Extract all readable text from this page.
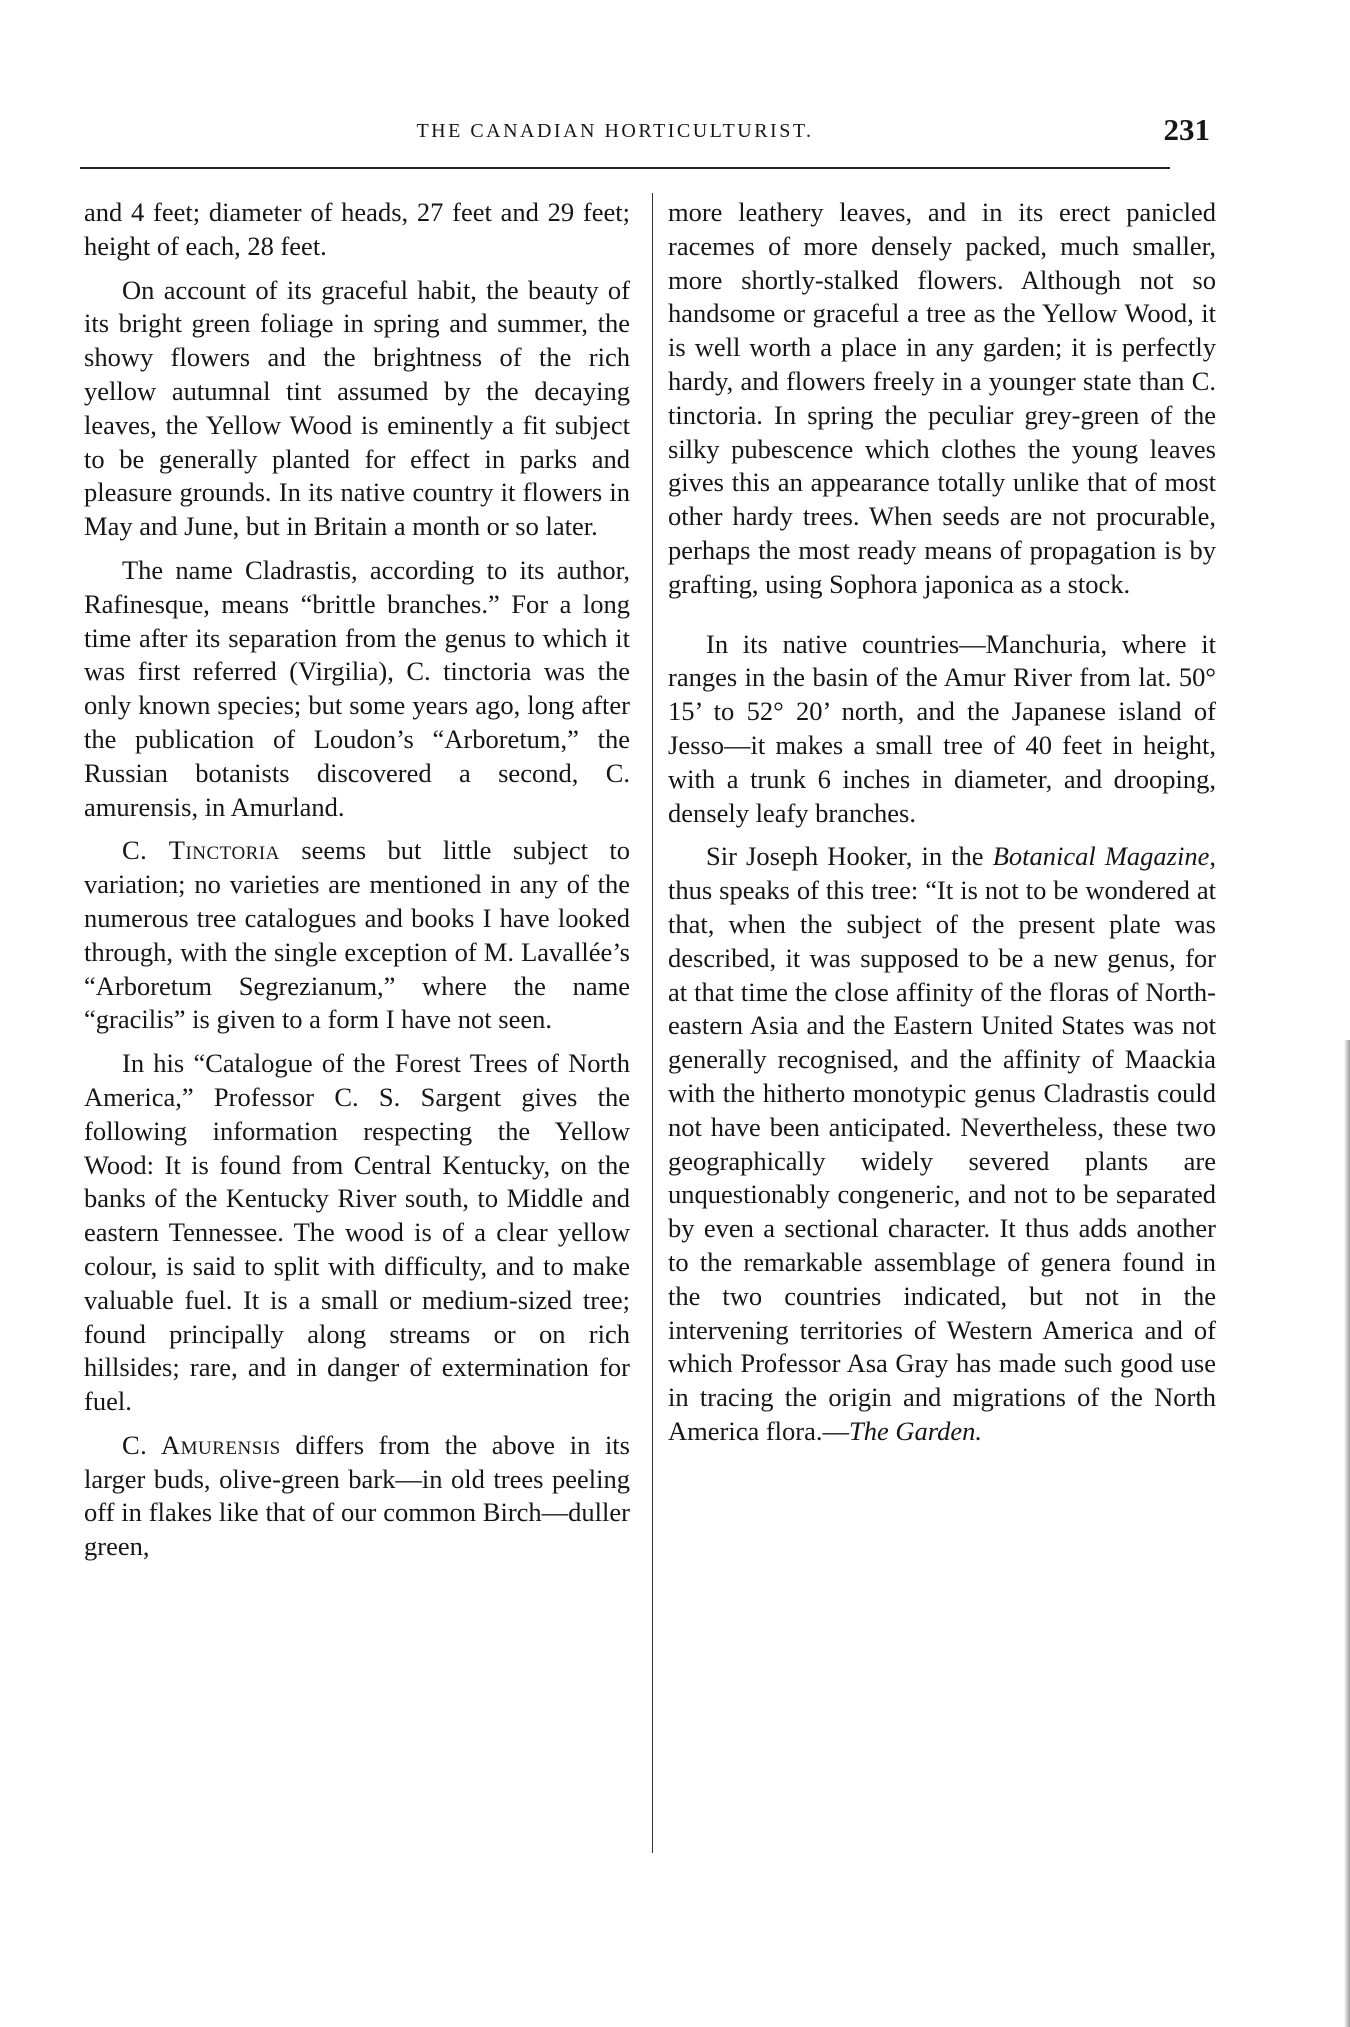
THE CANADIAN HORTICULTURIST.	231

and 4 feet; diameter of heads, 27 feet and 29 feet; height of each, 28 feet.

On account of its graceful habit, the beauty of its bright green foliage in spring and summer, the showy flowers and the brightness of the rich yellow autumnal tint assumed by the decaying leaves, the Yellow Wood is eminently a fit subject to be generally planted for effect in parks and pleasure grounds. In its native country it flowers in May and June, but in Britain a month or so later.

The name Cladrastis, according to its author, Rafinesque, means “brittle branches.” For a long time after its separation from the genus to which it was first referred (Virgilia), C. tinctoria was the only known species; but some years ago, long after the publication of Loudon’s “Arboretum,” the Russian botanists discovered a second, C. amurensis, in Amurland.

C. Tinctoria seems but little subject to variation; no varieties are mentioned in any of the numerous tree catalogues and books I have looked through, with the single exception of M. Lavallée’s “Arboretum Segrezianum,” where the name “gracilis” is given to a form I have not seen.

In his “Catalogue of the Forest Trees of North America,” Professor C. S. Sargent gives the following information respecting the Yellow Wood: It is found from Central Kentucky, on the banks of the Kentucky River south, to Middle and eastern Tennessee. The wood is of a clear yellow colour, is said to split with difficulty, and to make valuable fuel. It is a small or medium-sized tree; found principally along streams or on rich hillsides; rare, and in danger of extermination for fuel.

C. Amurensis differs from the above in its larger buds, olive-green bark—in old trees peeling off in flakes like that of our common Birch—duller green,

more leathery leaves, and in its erect panicled racemes of more densely packed, much smaller, more shortly-stalked flowers. Although not so handsome or graceful a tree as the Yellow Wood, it is well worth a place in any garden; it is perfectly hardy, and flowers freely in a younger state than C. tinctoria. In spring the peculiar grey-green of the silky pubescence which clothes the young leaves gives this an appearance totally unlike that of most other hardy trees. When seeds are not procurable, perhaps the most ready means of propagation is by grafting, using Sophora japonica as a stock.

In its native countries—Manchuria, where it ranges in the basin of the Amur River from lat. 50° 15’ to 52° 20’ north, and the Japanese island of Jesso—it makes a small tree of 40 feet in height, with a trunk 6 inches in diameter, and drooping, densely leafy branches.

Sir Joseph Hooker, in the Botanical Magazine, thus speaks of this tree: “It is not to be wondered at that, when the subject of the present plate was described, it was supposed to be a new genus, for at that time the close affinity of the floras of North-eastern Asia and the Eastern United States was not generally recognised, and the affinity of Maackia with the hitherto monotypic genus Cladrastis could not have been anticipated. Nevertheless, these two geographically widely severed plants are unquestionably congeneric, and not to be separated by even a sectional character. It thus adds another to the remarkable assemblage of genera found in the two countries indicated, but not in the intervening territories of Western America and of which Professor Asa Gray has made such good use in tracing the origin and migrations of the North America flora.—The Garden.
